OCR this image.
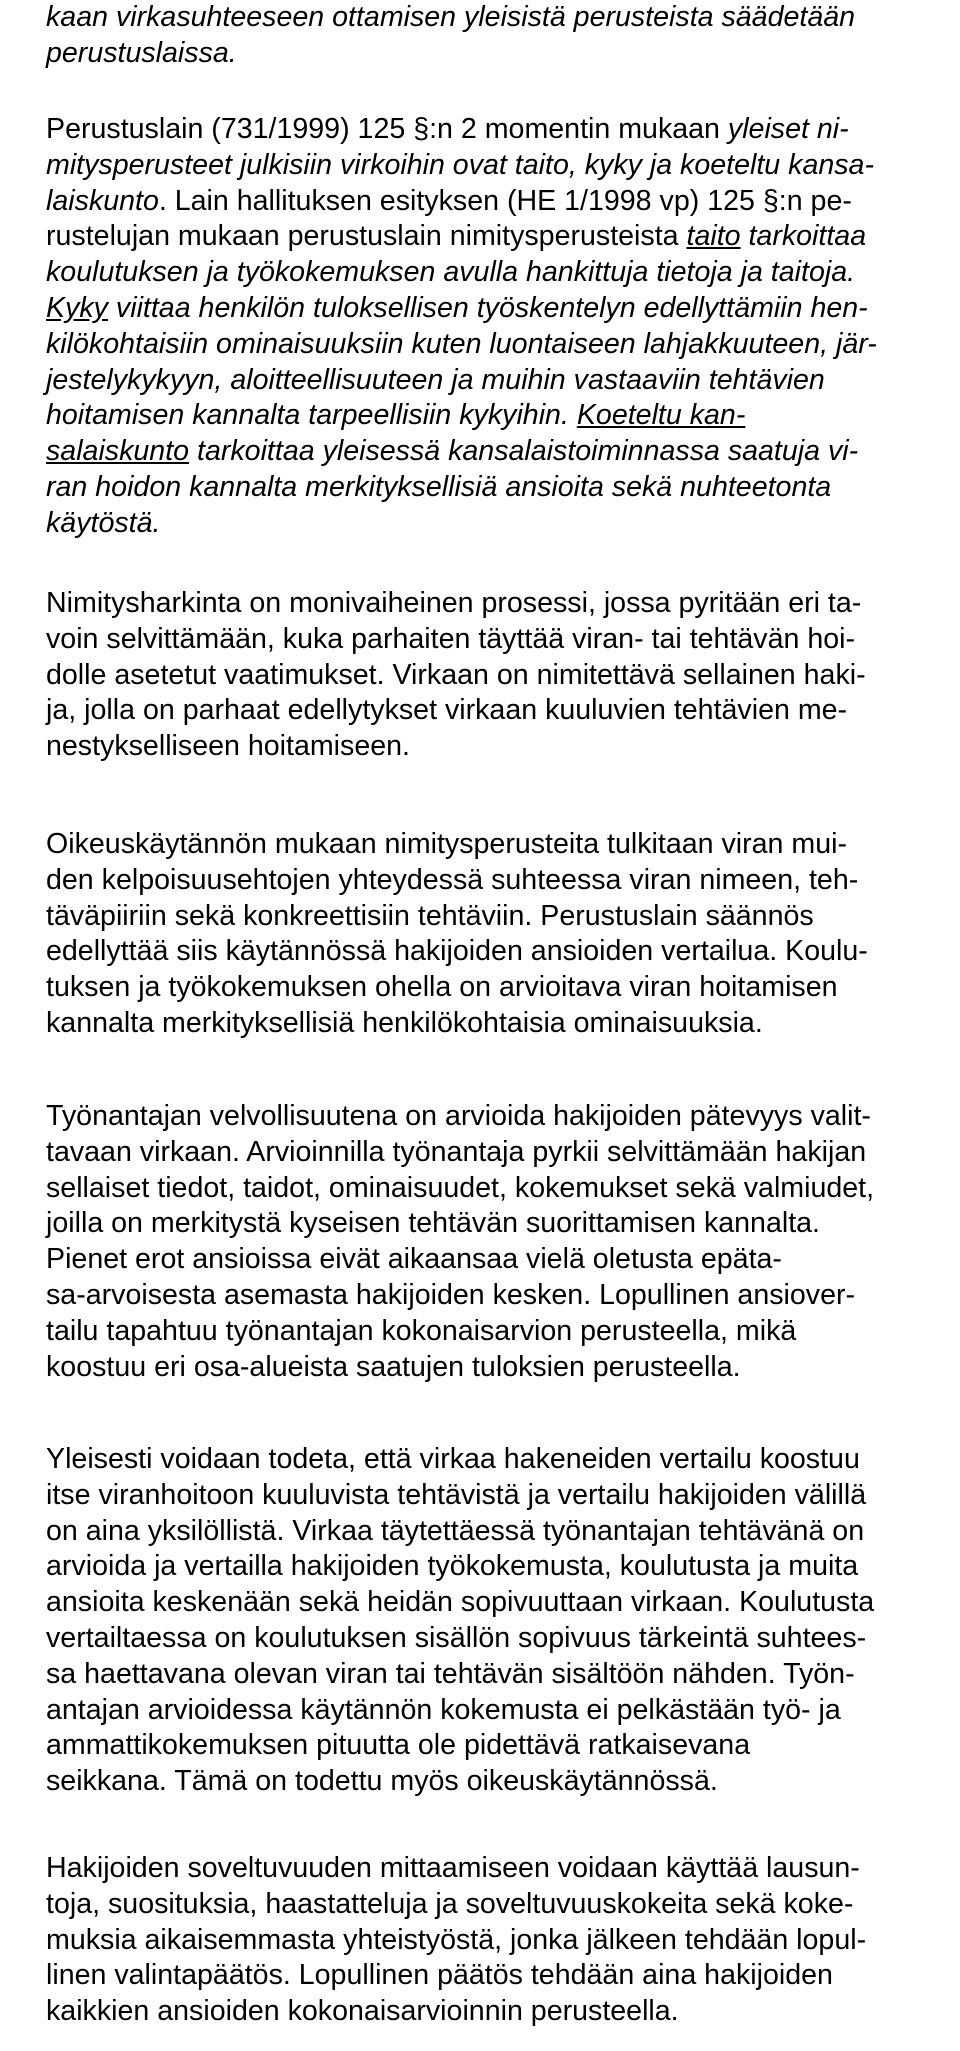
kaan virkasuhteeseen ottamisen yleisistä perusteista säädetään
perustuslaissa.
Perustuslain (731/1999) 125 §:n 2 momentin mukaan yleiset ni-
mitysperusteet julkisiin virkoihin ovat taito, kyky ja koeteltu kansa-
laiskunto. Lain hallituksen esityksen (HE 1/1998 vp) 125 §:n pe-
rustelujan mukaan perustuslain nimitysperusteista taito tarkoittaa
koulutuksen ja työkokemuksen avulla hankittuja tietoja ja taitoja.
Kyky viittaa henkilön tuloksellisen työskentelyn edellyttämiin hen-
kilökohtaisiin ominaisuuksiin kuten luontaiseen lahjakkuuteen, jär-
jestelykykyyn, aloitteellisuuteen ja muihin vastaaviin tehtävien
hoitamisen kannalta tarpeellisiin kykyihin. Koeteltu kan-
salaiskunto tarkoittaa yleisessä kansalaistoiminnassa saatuja vi-
ran hoidon kannalta merkityksellisiä ansioita sekä nuhteetonta
käytöstä.
Nimitysharkinta on monivaiheinen prosessi, jossa pyritään eri ta-
voin selvittämään, kuka parhaiten täyttää viran- tai tehtävän hoi-
dolle asetetut vaatimukset. Virkaan on nimitettävä sellainen haki-
ja, jolla on parhaat edellytykset virkaan kuuluvien tehtävien me-
nestykselliseen hoitamiseen.
Oikeuskäytännön mukaan nimitysperusteita tulkitaan viran mui-
den kelpoisuusehtojen yhteydessä suhteessa viran nimeen, teh-
täväpiiriin sekä konkreettisiin tehtäviin. Perustuslain säännös
edellyttää siis käytännössä hakijoiden ansioiden vertailua. Koulu-
tuksen ja työkokemuksen ohella on arvioitava viran hoitamisen
kannalta merkityksellisiä henkilökohtaisia ominaisuuksia.
Työnantajan velvollisuutena on arvioida hakijoiden pätevyys valit-
tavaan virkaan. Arvioinnilla työnantaja pyrkii selvittämään hakijan
sellaiset tiedot, taidot, ominaisuudet, kokemukset sekä valmiudet,
joilla on merkitystä kyseisen tehtävän suorittamisen kannalta.
Pienet erot ansioissa eivät aikaansaa vielä oletusta epäta-
sa-arvoisesta asemasta hakijoiden kesken. Lopullinen ansiover-
tailu tapahtuu työnantajan kokonaisarvion perusteella, mikä
koostuu eri osa-alueista saatujen tuloksien perusteella.
Yleisesti voidaan todeta, että virkaa hakeneiden vertailu koostuu
itse viranhoitoon kuuluvista tehtävistä ja vertailu hakijoiden välillä
on aina yksilöllistä. Virkaa täytettäessä työnantajan tehtävänä on
arvioida ja vertailla hakijoiden työkokemusta, koulutusta ja muita
ansioita keskenään sekä heidän sopivuuttaan virkaan. Koulutusta
vertailtaessa on koulutuksen sisällön sopivuus tärkeintä suhtees-
sa haettavana olevan viran tai tehtävän sisältöön nähden. Työn-
antajan arvioidessa käytännön kokemusta ei pelkästään työ- ja
ammattikokemuksen pituutta ole pidettävä ratkaisevana
seikkana. Tämä on todettu myös oikeuskäytännössä.
Hakijoiden soveltuvuuden mittaamiseen voidaan käyttää lausun-
toja, suosituksia, haastatteluja ja soveltuvuuskokeita sekä koke-
muksia aikaisemmasta yhteistyöstä, jonka jälkeen tehdään lopul-
linen valintapäätös. Lopullinen päätös tehdään aina hakijoiden
kaikkien ansioiden kokonaisarvioinnin perusteella.
